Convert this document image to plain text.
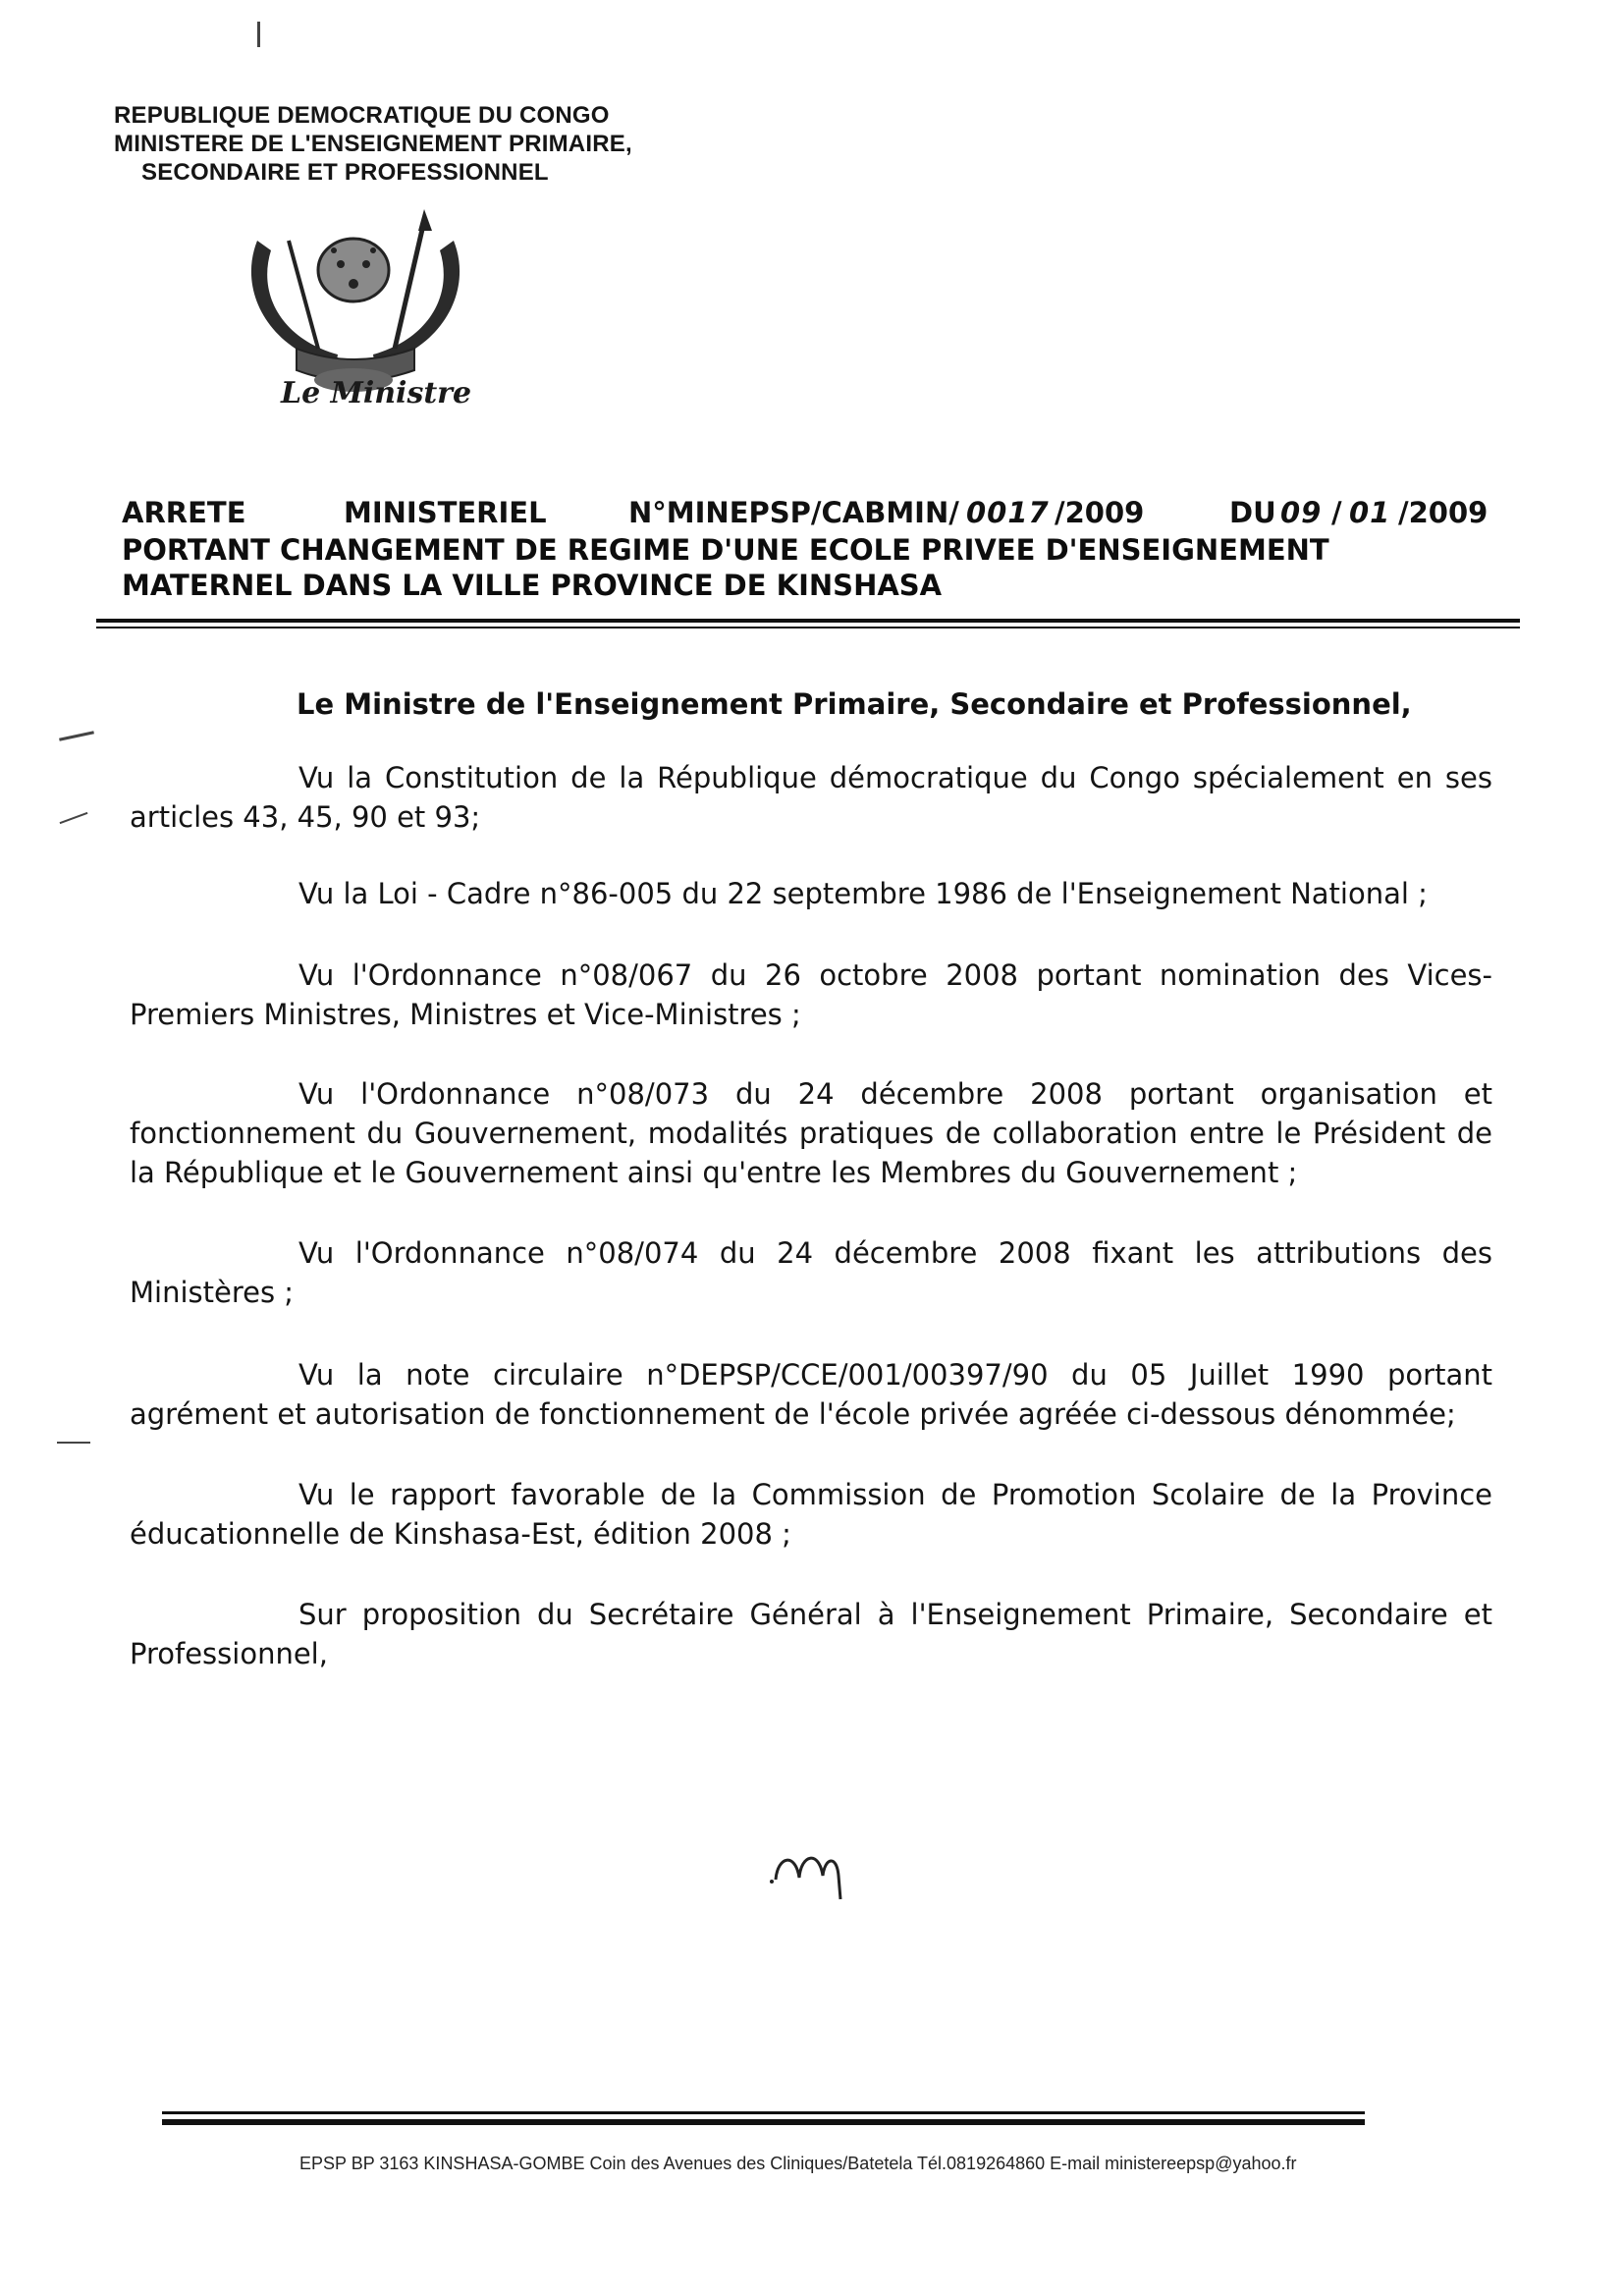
REPUBLIQUE DEMOCRATIQUE DU CONGO
MINISTERE DE L'ENSEIGNEMENT PRIMAIRE,
SECONDAIRE ET PROFESSIONNEL
Le Ministre
ARRETE	MINISTERIEL	N°MINEPSP/CABMIN/ 0017 /2009	DU 09 / 01 /2009
PORTANT CHANGEMENT DE REGIME D'UNE ECOLE PRIVEE D'ENSEIGNEMENT
MATERNEL DANS LA VILLE PROVINCE DE KINSHASA
Le Ministre de l'Enseignement Primaire, Secondaire et Professionnel,
Vu la Constitution de la République démocratique du Congo spécialement en ses articles 43, 45, 90 et 93;
Vu la Loi - Cadre n°86-005 du 22 septembre 1986 de l'Enseignement National ;
Vu l'Ordonnance n°08/067 du 26 octobre 2008 portant nomination des Vices-Premiers Ministres, Ministres et Vice-Ministres ;
Vu l'Ordonnance n°08/073 du 24 décembre 2008 portant organisation et fonctionnement du Gouvernement, modalités pratiques de collaboration entre le Président de la République et le Gouvernement ainsi qu'entre les Membres du Gouvernement ;
Vu l'Ordonnance n°08/074 du 24 décembre 2008 fixant les attributions des Ministères ;
Vu la note circulaire n°DEPSP/CCE/001/00397/90 du 05 Juillet 1990 portant agrément et autorisation de fonctionnement de l'école privée agréée ci-dessous dénommée;
Vu le rapport favorable de la Commission de Promotion Scolaire de la Province éducationnelle de Kinshasa-Est, édition 2008 ;
Sur proposition du Secrétaire Général à l'Enseignement Primaire, Secondaire et Professionnel,
EPSP BP 3163 KINSHASA-GOMBE Coin des Avenues des Cliniques/Batetela Tél.0819264860 E-mail ministereepsp@yahoo.fr
